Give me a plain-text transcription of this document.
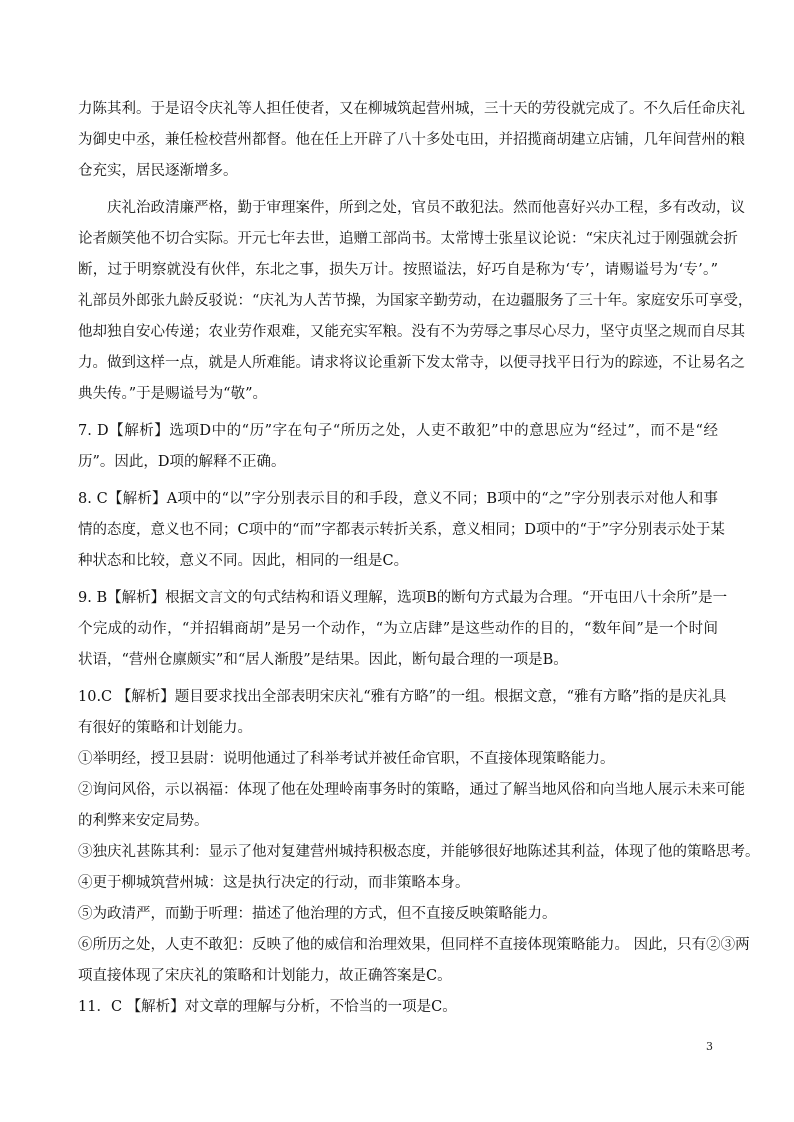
力陈其利。于是诏令庆礼等人担任使者，又在柳城筑起营州城，三十天的劳役就完成了。不久后任命庆礼
为御史中丞，兼任检校营州都督。他在任上开辟了八十多处屯田，并招揽商胡建立店铺，几年间营州的粮
仓充实，居民逐渐增多。
庆礼治政清廉严格，勤于审理案件，所到之处，官员不敢犯法。然而他喜好兴办工程，多有改动，议
论者颇笑他不切合实际。开元七年去世，追赠工部尚书。太常博士张星议论说：“宋庆礼过于刚强就会折
断，过于明察就没有伙伴，东北之事，损失万计。按照谥法，好巧自是称为‘专’，请赐谥号为‘专’。”
礼部员外郎张九龄反驳说：“庆礼为人苦节操，为国家辛勤劳动，在边疆服务了三十年。家庭安乐可享受，
他却独自安心传递；农业劳作艰难，又能充实军粮。没有不为劳辱之事尽心尽力，坚守贞坚之规而自尽其
力。做到这样一点，就是人所难能。请求将议论重新下发太常寺，以便寻找平日行为的踪迹，不让易名之
典失传。”于是赐谥号为“敬”。
7. D【解析】选项D中的“历”字在句子“所历之处，人吏不敢犯”中的意思应为“经过”，而不是“经
历”。因此，D项的解释不正确。
8. C【解析】A项中的“以”字分别表示目的和手段，意义不同；B项中的“之”字分别表示对他人和事
情的态度，意义也不同；C项中的“而”字都表示转折关系，意义相同；D项中的“于”字分别表示处于某
种状态和比较，意义不同。因此，相同的一组是C。
9. B【解析】根据文言文的句式结构和语义理解，选项B的断句方式最为合理。“开屯田八十余所”是一
个完成的动作，“并招辑商胡”是另一个动作，“为立店肆”是这些动作的目的，“数年间”是一个时间
状语，“营州仓廪颇实”和“居人渐殷”是结果。因此，断句最合理的一项是B。
10.C 【解析】题目要求找出全部表明宋庆礼“雅有方略”的一组。根据文意，“雅有方略”指的是庆礼具
有很好的策略和计划能力。
①举明经，授卫县尉：说明他通过了科举考试并被任命官职，不直接体现策略能力。
②询问风俗，示以祸福：体现了他在处理岭南事务时的策略，通过了解当地风俗和向当地人展示未来可能
的利弊来安定局势。
③独庆礼甚陈其利：显示了他对复建营州城持积极态度，并能够很好地陈述其利益，体现了他的策略思考。
④更于柳城筑营州城：这是执行决定的行动，而非策略本身。
⑤为政清严，而勤于听理：描述了他治理的方式，但不直接反映策略能力。
⑥所历之处，人吏不敢犯：反映了他的威信和治理效果，但同样不直接体现策略能力。 因此，只有②③两
项直接体现了宋庆礼的策略和计划能力，故正确答案是C。
11．C 【解析】对文章的理解与分析，不恰当的一项是C。
3
